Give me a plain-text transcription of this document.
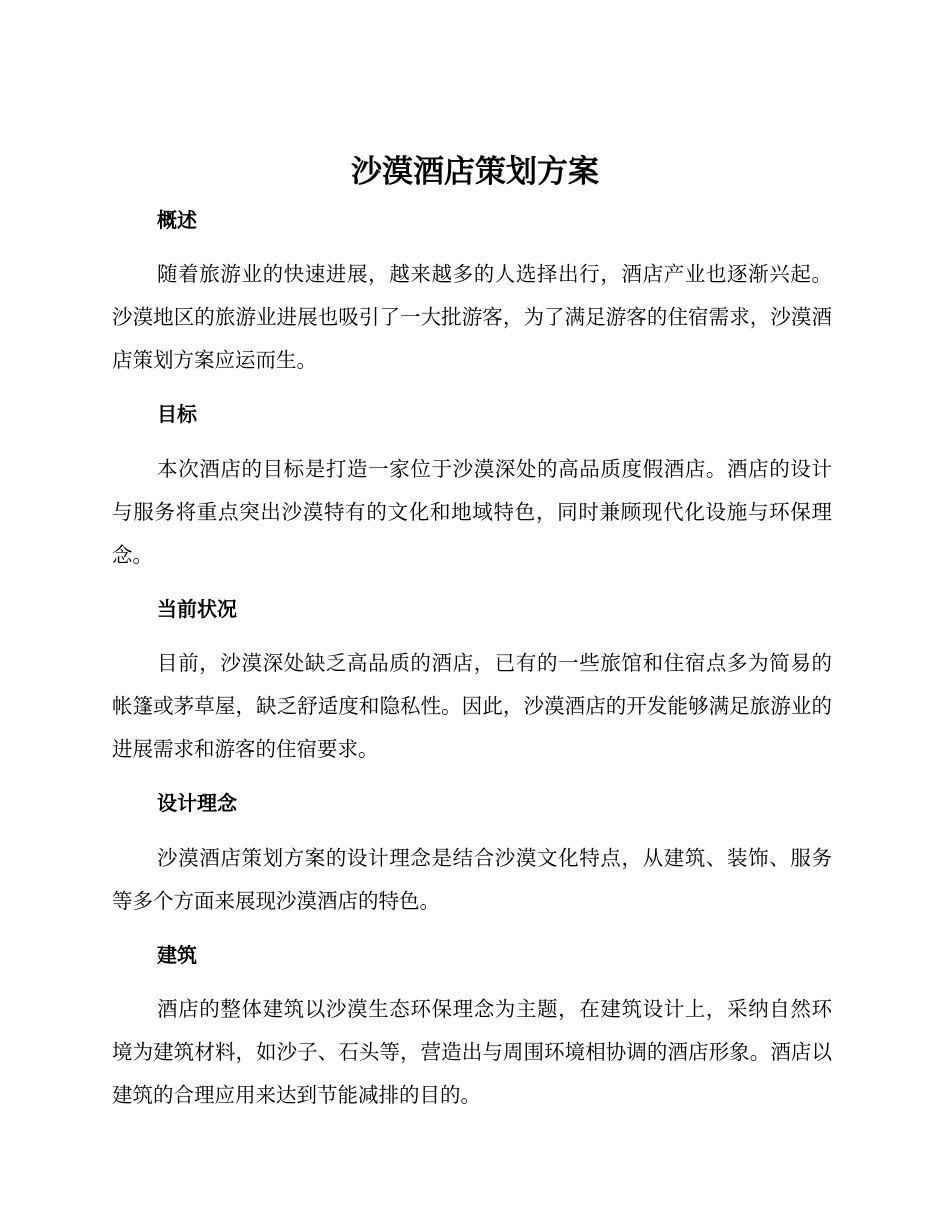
沙漠酒店策划方案
概述

随着旅游业的快速进展，越来越多的人选择出行，酒店产业也逐渐兴起。沙漠地区的旅游业进展也吸引了一大批游客，为了满足游客的住宿需求，沙漠酒店策划方案应运而生。

目标

本次酒店的目标是打造一家位于沙漠深处的高品质度假酒店。酒店的设计与服务将重点突出沙漠特有的文化和地域特色，同时兼顾现代化设施与环保理念。

当前状况

目前，沙漠深处缺乏高品质的酒店，已有的一些旅馆和住宿点多为简易的帐篷或茅草屋，缺乏舒适度和隐私性。因此，沙漠酒店的开发能够满足旅游业的进展需求和游客的住宿要求。

设计理念

沙漠酒店策划方案的设计理念是结合沙漠文化特点，从建筑、装饰、服务等多个方面来展现沙漠酒店的特色。

建筑

酒店的整体建筑以沙漠生态环保理念为主题，在建筑设计上，采纳自然环境为建筑材料，如沙子、石头等，营造出与周围环境相协调的酒店形象。酒店以建筑的合理应用来达到节能减排的目的。
